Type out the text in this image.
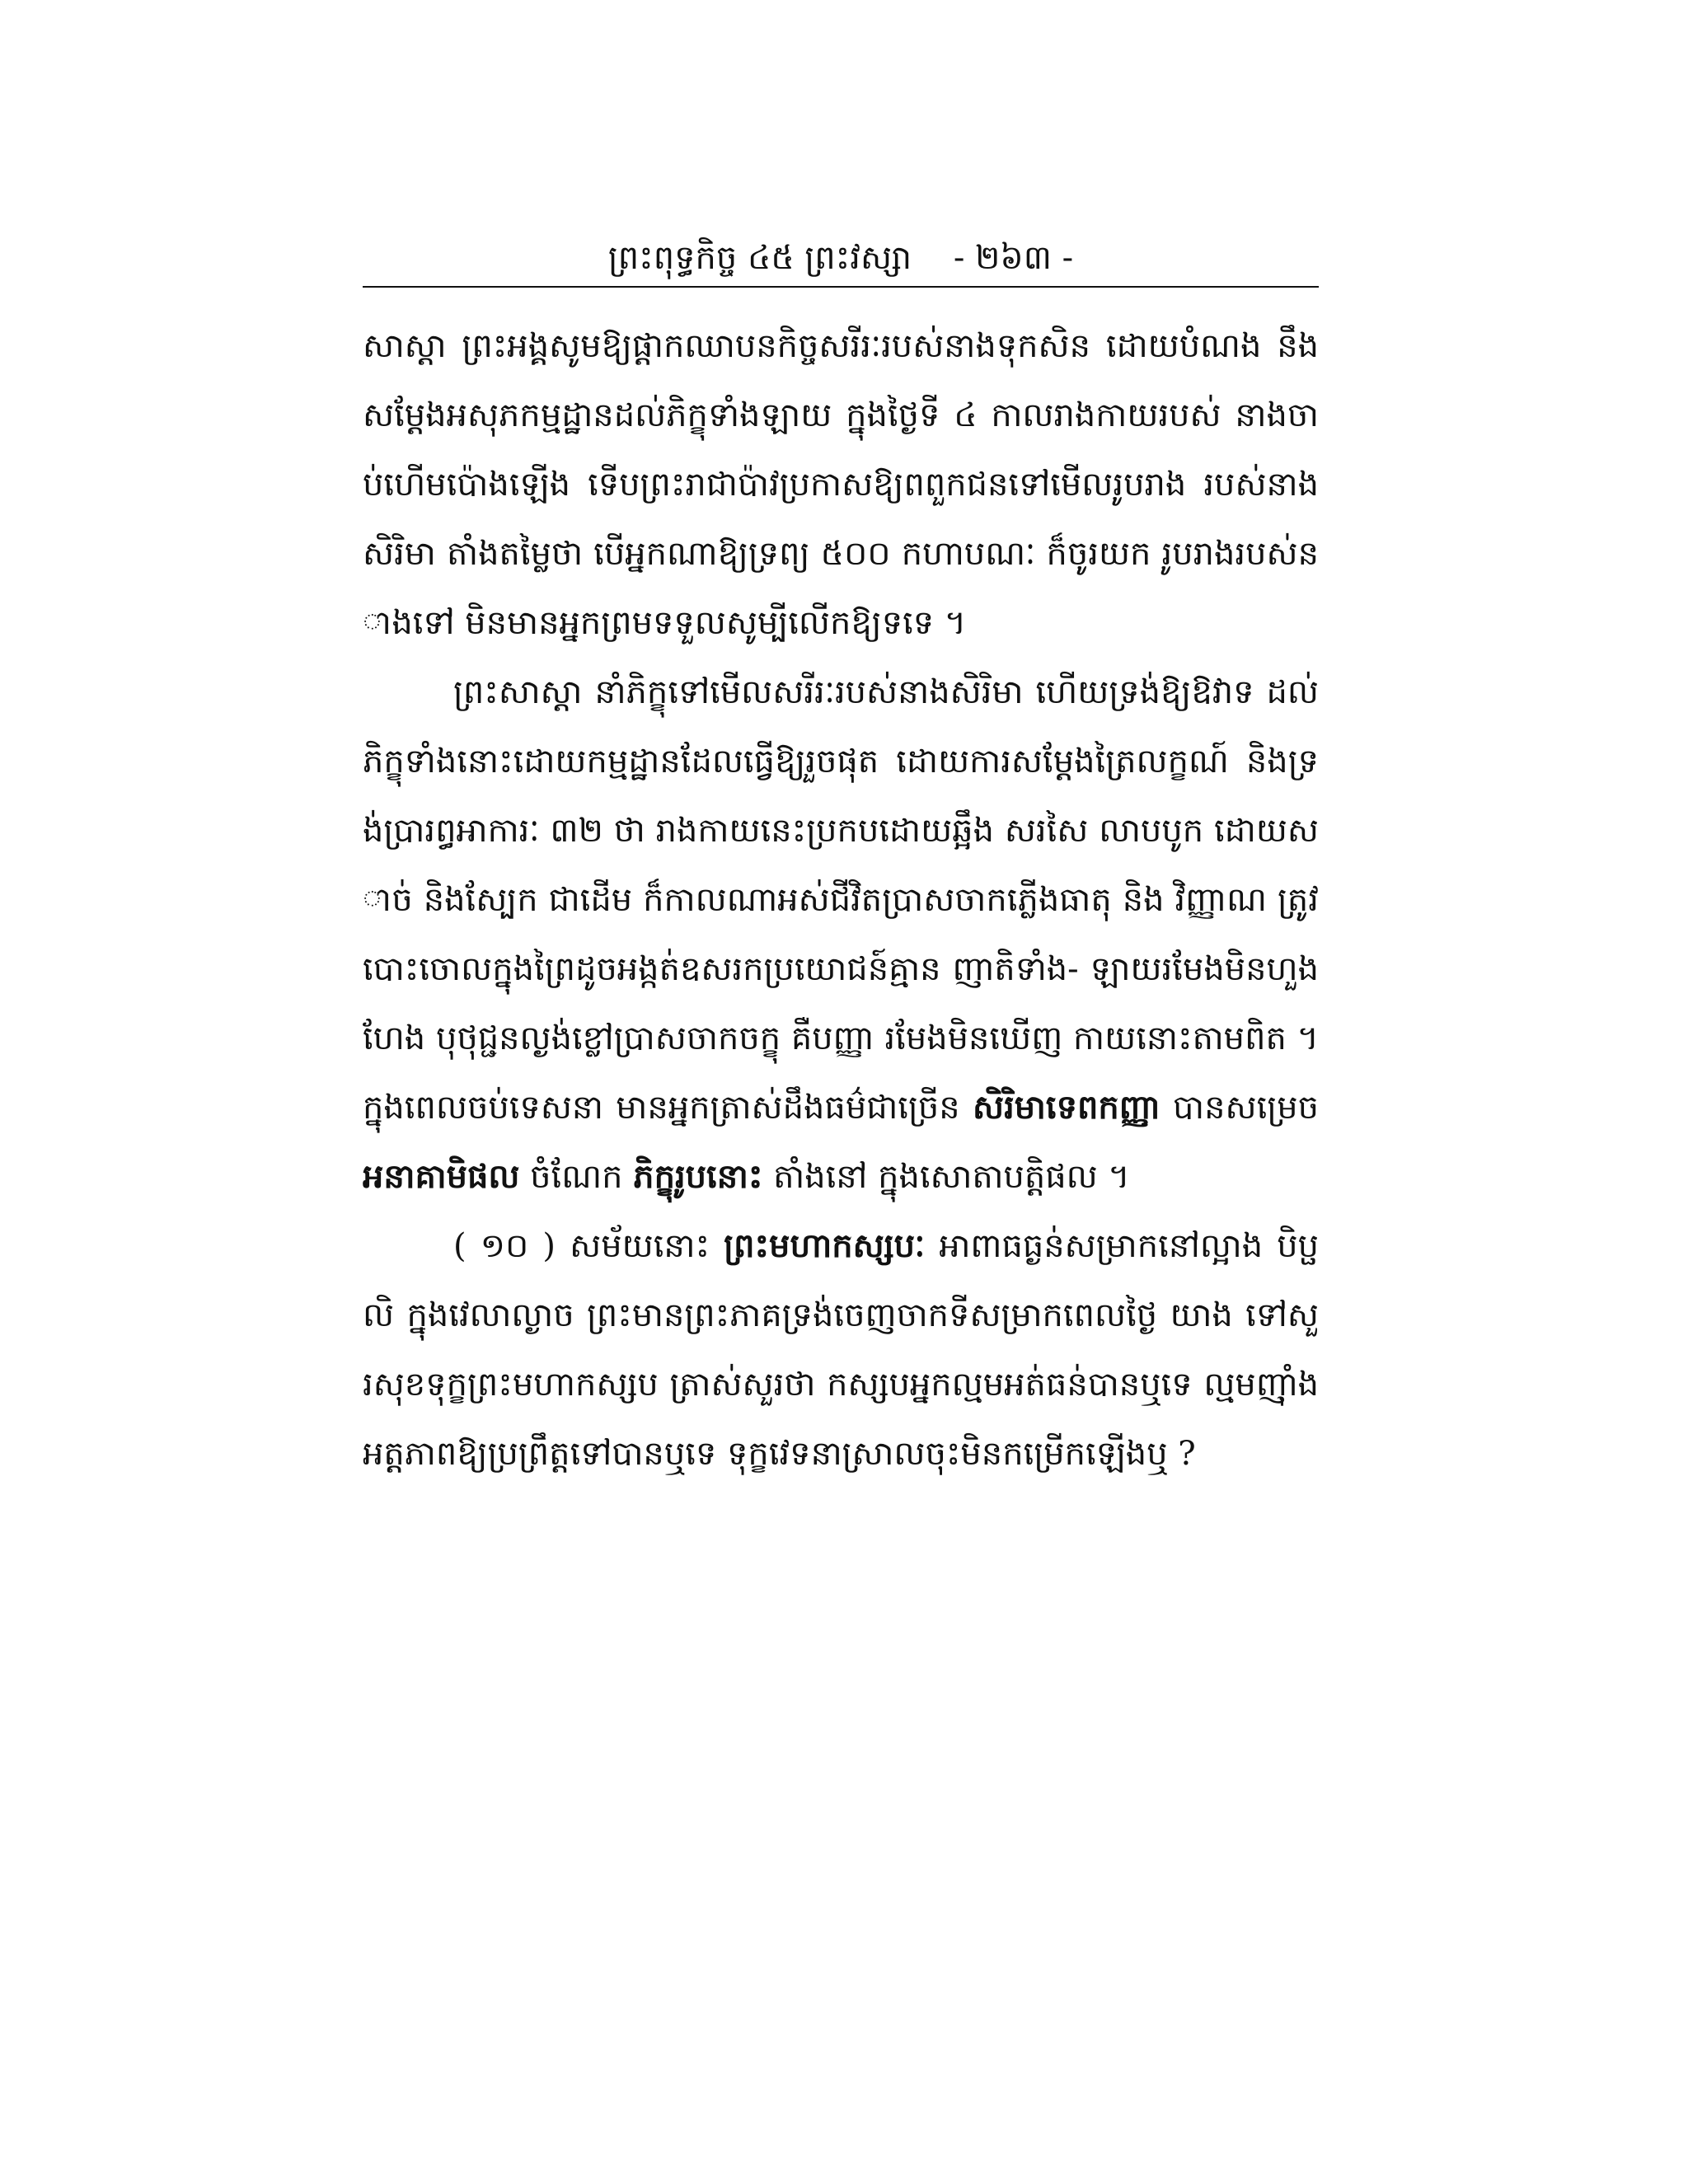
ព្រះពុទ្ធកិច្ច ៤៥ ព្រះវស្សា - ២៦៣ -

សាស្ដា ព្រះអង្គសូមឱ្យផ្ដាកឈាបនកិច្ចសរីរៈរបស់នាងទុកសិន ដោយបំណង នឹងសម្ដែងអសុភកម្មដ្ឋានដល់ភិក្ខុទាំងឡាយ ក្នុងថ្ងៃទី ៤ កាលរាងកាយរបស់ នាងចាប់ហើមប៉ោងឡើង ទើបព្រះរាជាប៉ាវប្រកាសឱ្យពពួកជនទៅមើលរូបរាង របស់នាងសិរិមា តាំងតម្លៃថា បើអ្នកណាឱ្យទ្រព្យ ៥០០ កហាបណៈ ក៏ចូរយក រូបរាងរបស់នាងទៅ មិនមានអ្នកព្រមទទួលសូម្បីលើកឱ្យទទេ ។

ព្រះសាស្ដា នាំភិក្ខុទៅមើលសរីរៈរបស់នាងសិរិមា ហើយទ្រង់ឱ្យឱវាទ ដល់ភិក្ខុទាំងនោះដោយកម្មដ្ឋានដែលធ្វើឱ្យរួចផុត ដោយការសម្ដែងត្រៃលក្ខណ៍ និងទ្រង់ប្រារព្ធអាការៈ ៣២ ថា រាងកាយនេះប្រកបដោយឆ្អឹង សរសៃ លាបបូក ដោយសាច់ និងស្បែក ជាដើម ក៏កាលណាអស់ជីវិតប្រាសចាកភ្លើងធាតុ និង វិញ្ញាណ ត្រូវបោះចោលក្នុងព្រៃដូចអង្កត់ឧសរកប្រយោជន៍គ្មាន ញាតិទាំង- ឡាយរមែងមិនហួងហែង បុថុជ្ជនល្ងង់ខ្លៅប្រាសចាកចក្ខុ គឺបញ្ញា រមែងមិនឃើញ កាយនោះតាមពិត ។ ក្នុងពេលចប់ទេសនា មានអ្នកត្រាស់ដឹងធម៌ជាច្រើន សិរិមាទេពកញ្ញា បានសម្រេច អនាគាមិផល ចំណែក ភិក្ខុរូបនោះ តាំងនៅ ក្នុងសោតាបត្តិផល ។

( ១០ ) សម័យនោះ ព្រះមហាកស្សបៈ អាពាធធ្ងន់សម្រាកនៅល្អាង បិប្ផលិ ក្នុងវេលាល្ងាច ព្រះមានព្រះភាគទ្រង់ចេញចាកទីសម្រាកពេលថ្ងៃ យាង ទៅសួរសុខទុក្ខព្រះមហាកស្សប ត្រាស់សួរថា កស្សបអ្នកល្មមអត់ធន់បានឬទេ ល្មមញ៉ាំងអត្តភាពឱ្យប្រព្រឹត្តទៅបានឬទេ ទុក្ខវេទនាស្រាលចុះមិនកម្រើកឡើងឬ ?
